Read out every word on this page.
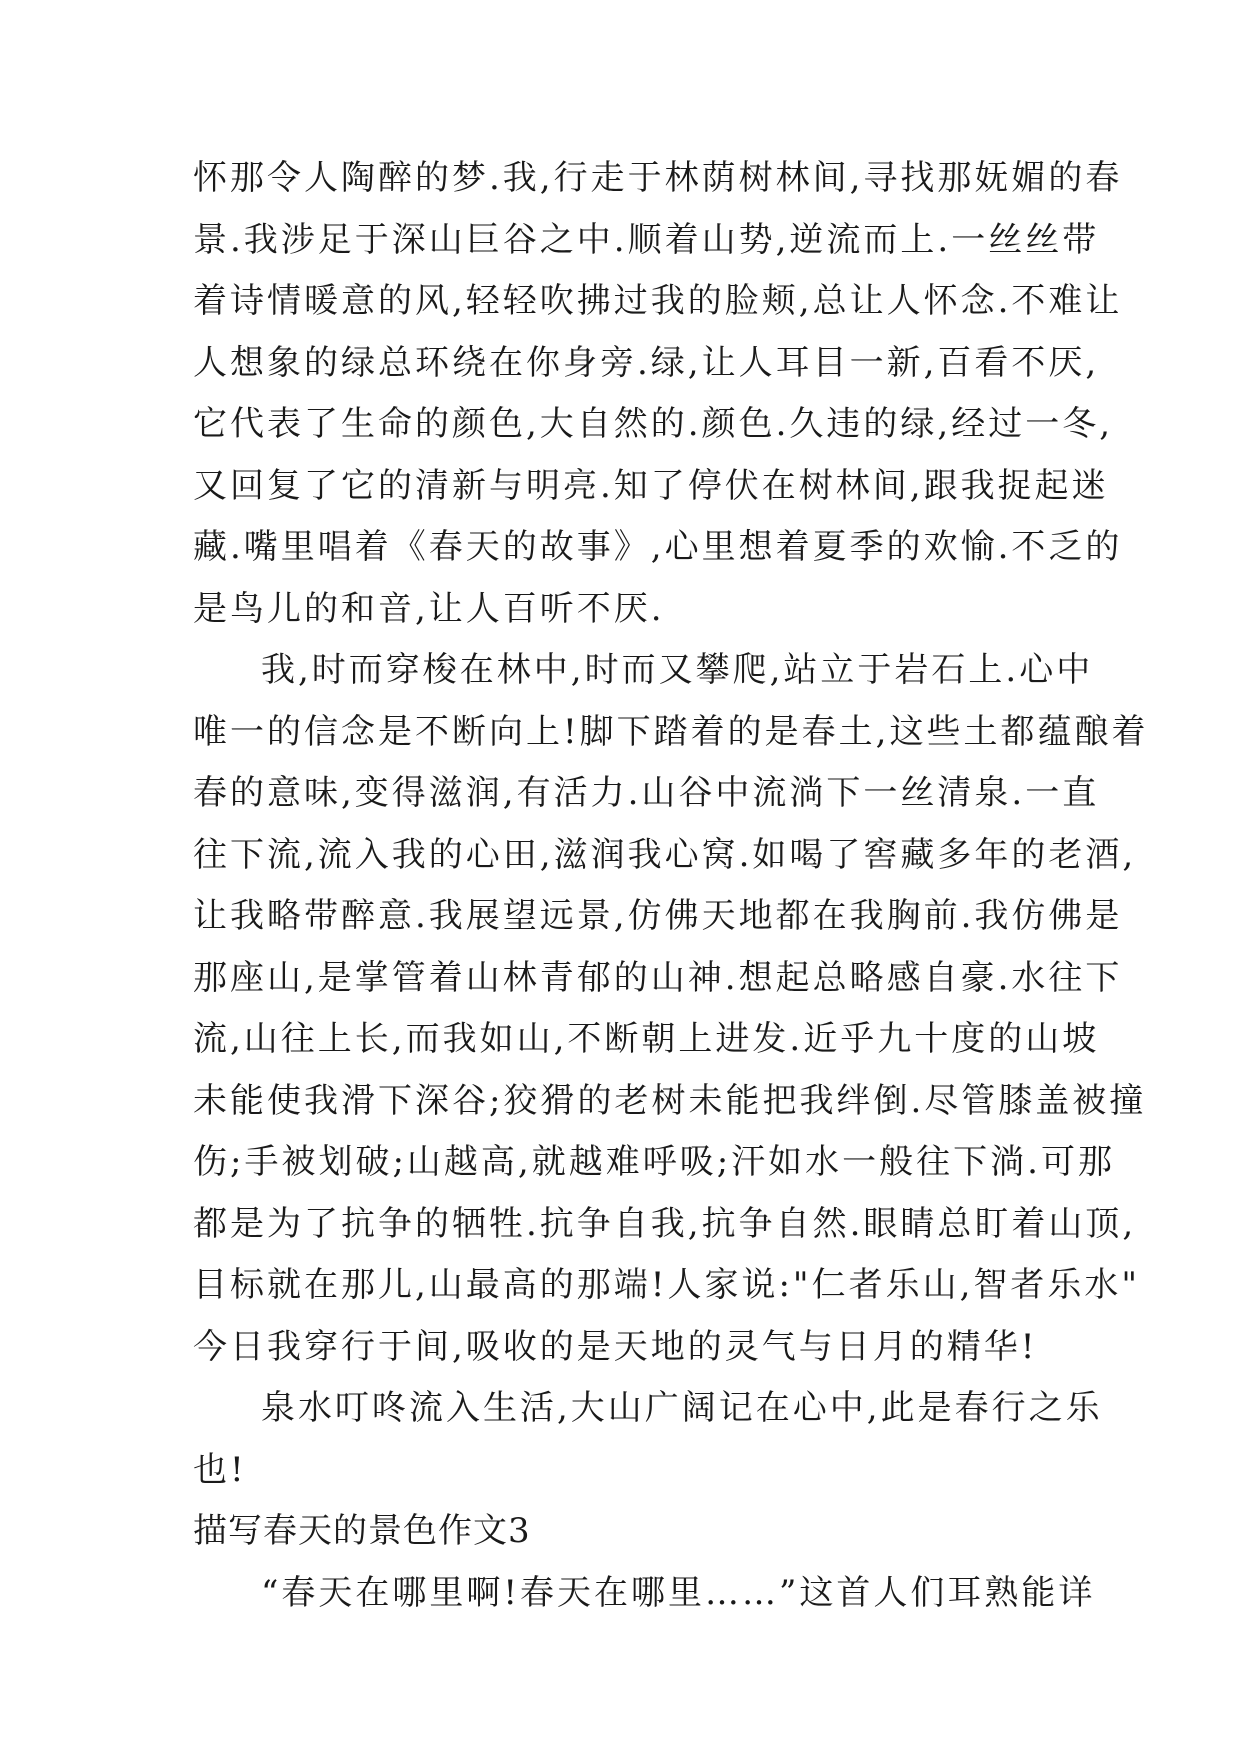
怀那令人陶醉的梦.我,行走于林荫树林间,寻找那妩媚的春
景.我涉足于深山巨谷之中.顺着山势,逆流而上.一丝丝带
着诗情暖意的风,轻轻吹拂过我的脸颊,总让人怀念.不难让
人想象的绿总环绕在你身旁.绿,让人耳目一新,百看不厌,
它代表了生命的颜色,大自然的.颜色.久违的绿,经过一冬,
又回复了它的清新与明亮.知了停伏在树林间,跟我捉起迷
藏.嘴里唱着《春天的故事》,心里想着夏季的欢愉.不乏的
是鸟儿的和音,让人百听不厌.
我,时而穿梭在林中,时而又攀爬,站立于岩石上.心中
唯一的信念是不断向上!脚下踏着的是春土,这些土都蕴酿着
春的意味,变得滋润,有活力.山谷中流淌下一丝清泉.一直
往下流,流入我的心田,滋润我心窝.如喝了窖藏多年的老酒,
让我略带醉意.我展望远景,仿佛天地都在我胸前.我仿佛是
那座山,是掌管着山林青郁的山神.想起总略感自豪.水往下
流,山往上长,而我如山,不断朝上进发.近乎九十度的山坡
未能使我滑下深谷;狡猾的老树未能把我绊倒.尽管膝盖被撞
伤;手被划破;山越高,就越难呼吸;汗如水一般往下淌.可那
都是为了抗争的牺牲.抗争自我,抗争自然.眼睛总盯着山顶,
目标就在那儿,山最高的那端!人家说:"仁者乐山,智者乐水"
今日我穿行于间,吸收的是天地的灵气与日月的精华!
泉水叮咚流入生活,大山广阔记在心中,此是春行之乐
也!
描写春天的景色作文3
“春天在哪里啊!春天在哪里……”这首人们耳熟能详
